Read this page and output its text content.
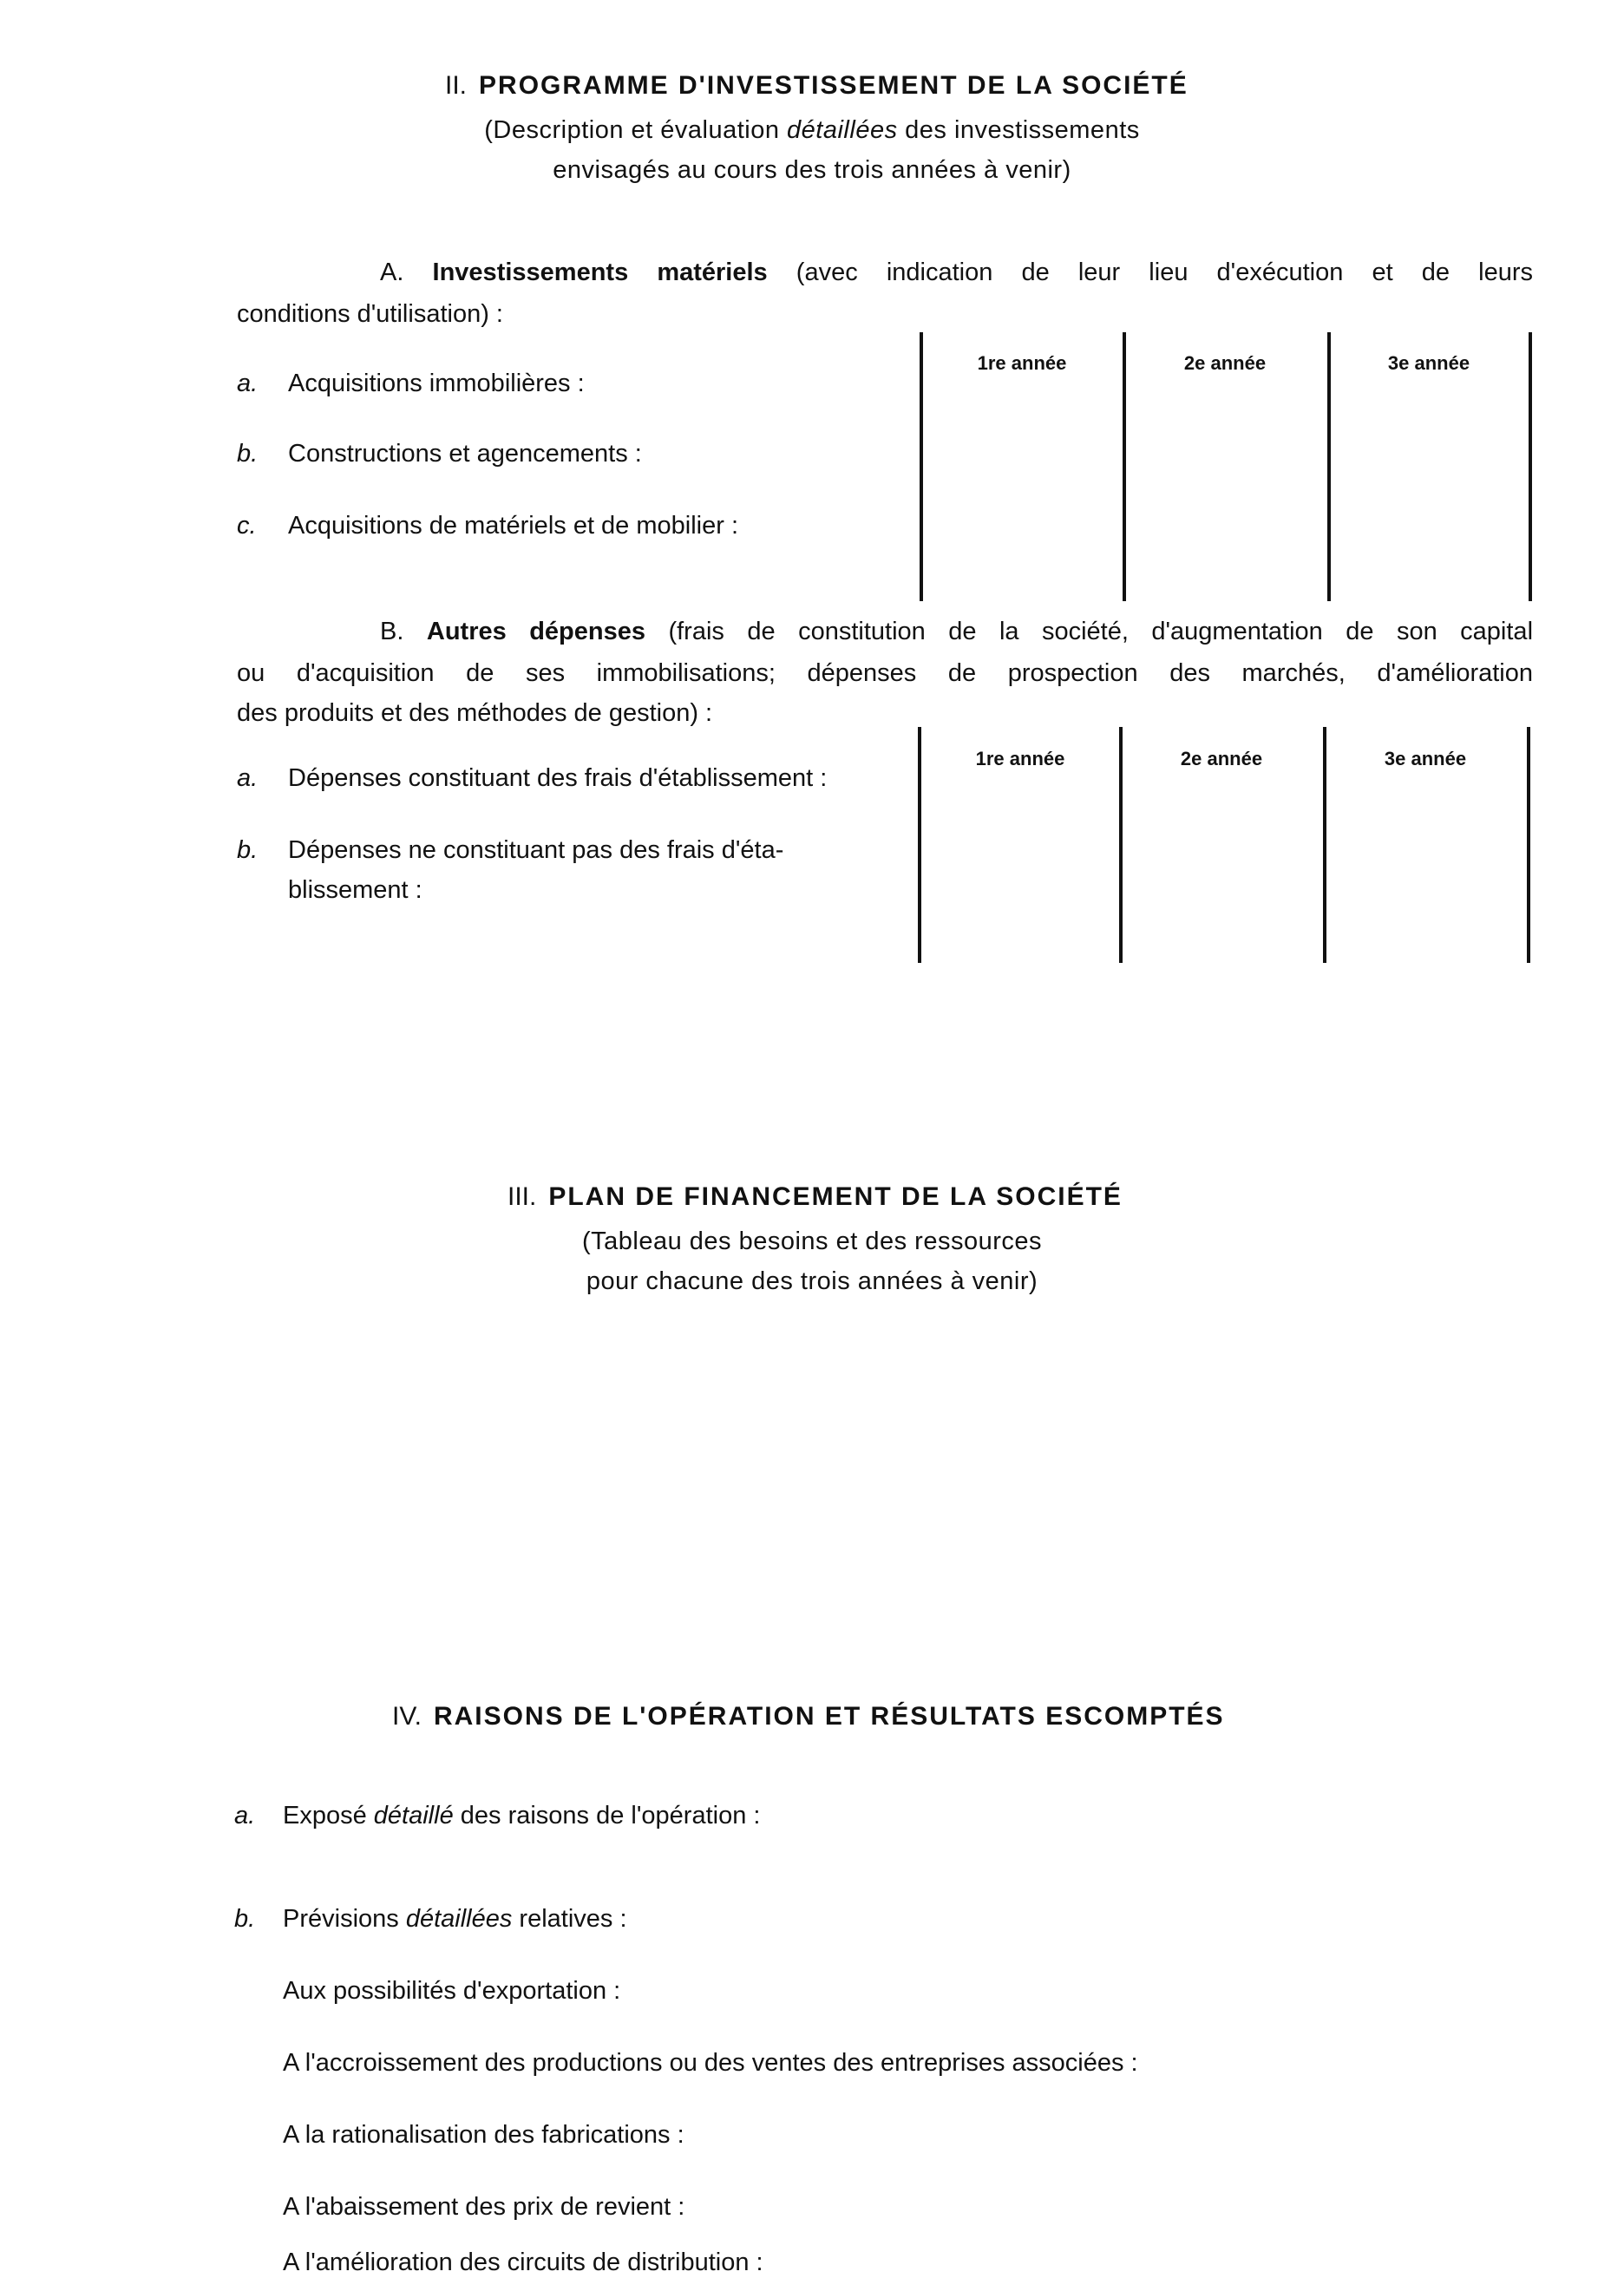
II. PROGRAMME D'INVESTISSEMENT DE LA SOCIÉTÉ
(Description et évaluation détaillées des investissements
envisagés au cours des trois années à venir)
A. Investissements matériels (avec indication de leur lieu d'exécution et de leurs
conditions d'utilisation) :
a. Acquisitions immobilières :
b. Constructions et agencements :
c. Acquisitions de matériels et de mobilier :
1re année	2e année	3e année
B. Autres dépenses (frais de constitution de la société, d'augmentation de son capital
ou d'acquisition de ses immobilisations; dépenses de prospection des marchés, d'amélioration
des produits et des méthodes de gestion) :
a. Dépenses constituant des frais d'établissement :
b. Dépenses ne constituant pas des frais d'éta-
blissement :
1re année	2e année	3e année
III. PLAN DE FINANCEMENT DE LA SOCIÉTÉ
(Tableau des besoins et des ressources
pour chacune des trois années à venir)
IV. RAISONS DE L'OPÉRATION ET RÉSULTATS ESCOMPTÉS
a. Exposé détaillé des raisons de l'opération :
b. Prévisions détaillées relatives :
Aux possibilités d'exportation :
A l'accroissement des productions ou des ventes des entreprises associées :
A la rationalisation des fabrications :
A l'abaissement des prix de revient :
A l'amélioration des circuits de distribution :
